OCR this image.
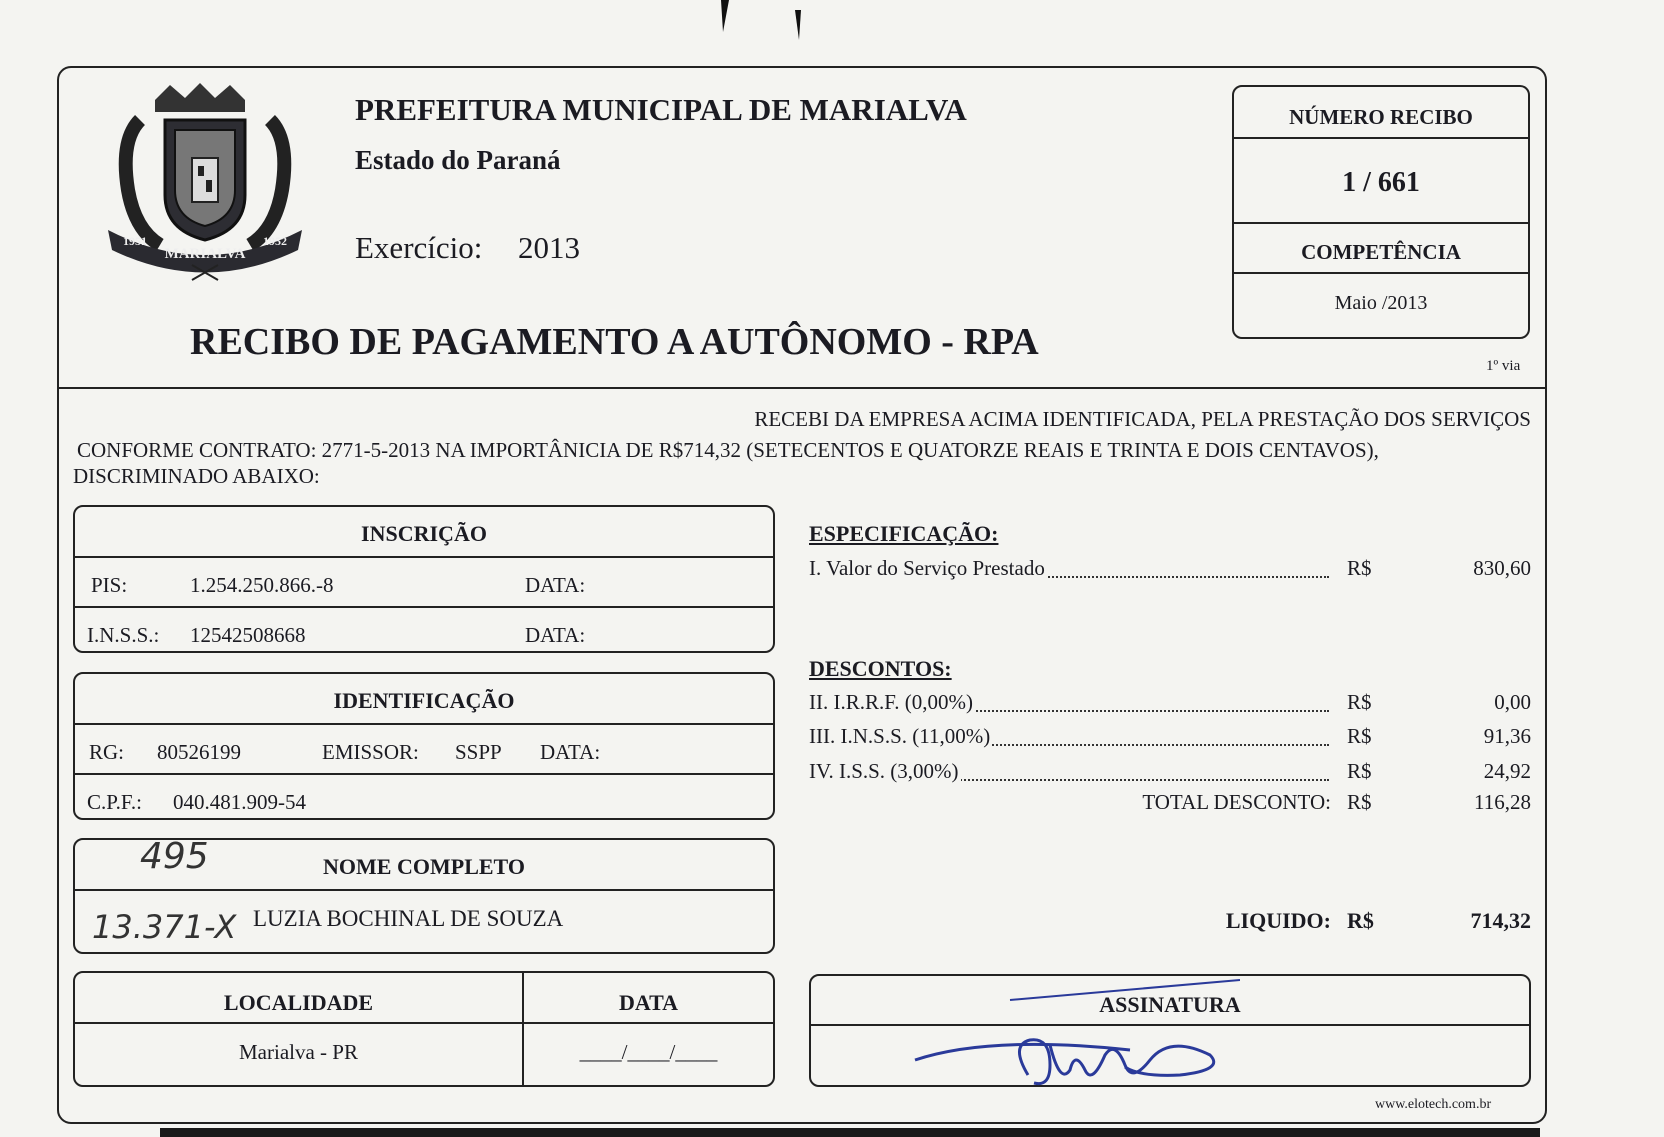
MARIALVA
1951	1952
PREFEITURA MUNICIPAL DE MARIALVA
Estado do Paraná
Exercício: 2013
RECIBO DE PAGAMENTO A AUTÔNOMO - RPA
NÚMERO RECIBO
1 / 661
COMPETÊNCIA
Maio /2013
1º via
RECEBI DA EMPRESA ACIMA IDENTIFICADA, PELA PRESTAÇÃO DOS SERVIÇOS
CONFORME CONTRATO: 2771-5-2013 NA IMPORTÂNICIA DE R$714,32 (SETECENTOS E QUATORZE REAIS E TRINTA E DOIS CENTAVOS),
DISCRIMINADO ABAIXO:
INSCRIÇÃO
PIS:	1.254.250.866.-8	DATA:
I.N.S.S.: 12542508668	DATA:
IDENTIFICAÇÃO
RG: 80526199	EMISSOR: SSPP DATA:
C.P.F.: 040.481.909-54
NOME COMPLETO
LUZIA BOCHINAL DE SOUZA
495
13.371-X
LOCALIDADE	DATA
Marialva - PR	____/____/____
ESPECIFICAÇÃO:
I. Valor do Serviço Prestado	R$	830,60
DESCONTOS:
II. I.R.R.F. (0,00%)	R$	0,00
III. I.N.S.S. (11,00%)	R$	91,36
IV. I.S.S. (3,00%)	R$	24,92
TOTAL DESCONTO: R$	116,28
LIQUIDO: R$	714,32
ASSINATURA
www.elotech.com.br
